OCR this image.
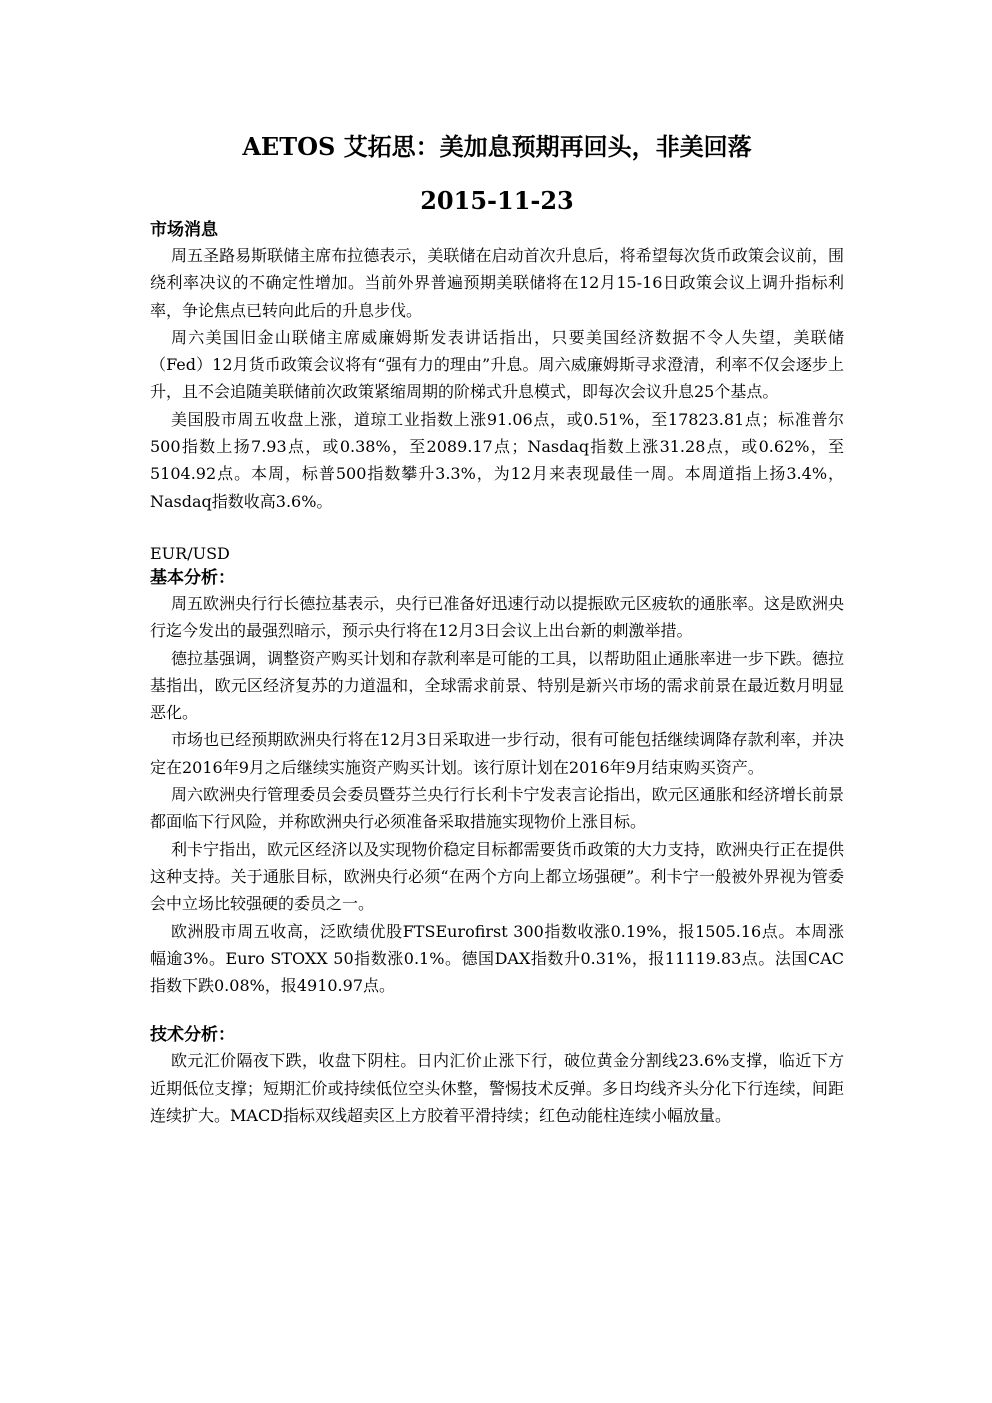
AETOS 艾拓思：美加息预期再回头，非美回落
2015-11-23
市场消息

周五圣路易斯联储主席布拉德表示，美联储在启动首次升息后，将希望每次货币政策会议前，围绕利率决议的不确定性增加。当前外界普遍预期美联储将在12月15-16日政策会议上调升指标利率，争论焦点已转向此后的升息步伐。

周六美国旧金山联储主席威廉姆斯发表讲话指出，只要美国经济数据不令人失望，美联储（Fed）12月货币政策会议将有“强有力的理由”升息。周六威廉姆斯寻求澄清，利率不仅会逐步上升，且不会追随美联储前次政策紧缩周期的阶梯式升息模式，即每次会议升息25个基点。

美国股市周五收盘上涨，道琼工业指数上涨91.06点，或0.51%，至17823.81点；标准普尔500指数上扬7.93点，或0.38%，至2089.17点；Nasdaq指数上涨31.28点，或0.62%，至5104.92点。本周，标普500指数攀升3.3%，为12月来表现最佳一周。本周道指上扬3.4%，Nasdaq指数收高3.6%。

EUR/USD
基本分析：

周五欧洲央行行长德拉基表示，央行已准备好迅速行动以提振欧元区疲软的通胀率。这是欧洲央行迄今发出的最强烈暗示，预示央行将在12月3日会议上出台新的刺激举措。

德拉基强调，调整资产购买计划和存款利率是可能的工具，以帮助阻止通胀率进一步下跌。德拉基指出，欧元区经济复苏的力道温和，全球需求前景、特别是新兴市场的需求前景在最近数月明显恶化。

市场也已经预期欧洲央行将在12月3日采取进一步行动，很有可能包括继续调降存款利率，并决定在2016年9月之后继续实施资产购买计划。该行原计划在2016年9月结束购买资产。

周六欧洲央行管理委员会委员暨芬兰央行行长利卡宁发表言论指出，欧元区通胀和经济增长前景都面临下行风险，并称欧洲央行必须准备采取措施实现物价上涨目标。

利卡宁指出，欧元区经济以及实现物价稳定目标都需要货币政策的大力支持，欧洲央行正在提供这种支持。关于通胀目标，欧洲央行必须“在两个方向上都立场强硬”。利卡宁一般被外界视为管委会中立场比较强硬的委员之一。

欧洲股市周五收高，泛欧绩优股FTSEurofirst 300指数收涨0.19%，报1505.16点。本周涨幅逾3%。Euro STOXX 50指数涨0.1%。德国DAX指数升0.31%，报11119.83点。法国CAC指数下跌0.08%，报4910.97点。

技术分析：

欧元汇价隔夜下跌，收盘下阴柱。日内汇价止涨下行，破位黄金分割线23.6%支撑，临近下方近期低位支撑；短期汇价或持续低位空头休整，警惕技术反弹。多日均线齐头分化下行连续，间距连续扩大。MACD指标双线超卖区上方胶着平滑持续；红色动能柱连续小幅放量。
